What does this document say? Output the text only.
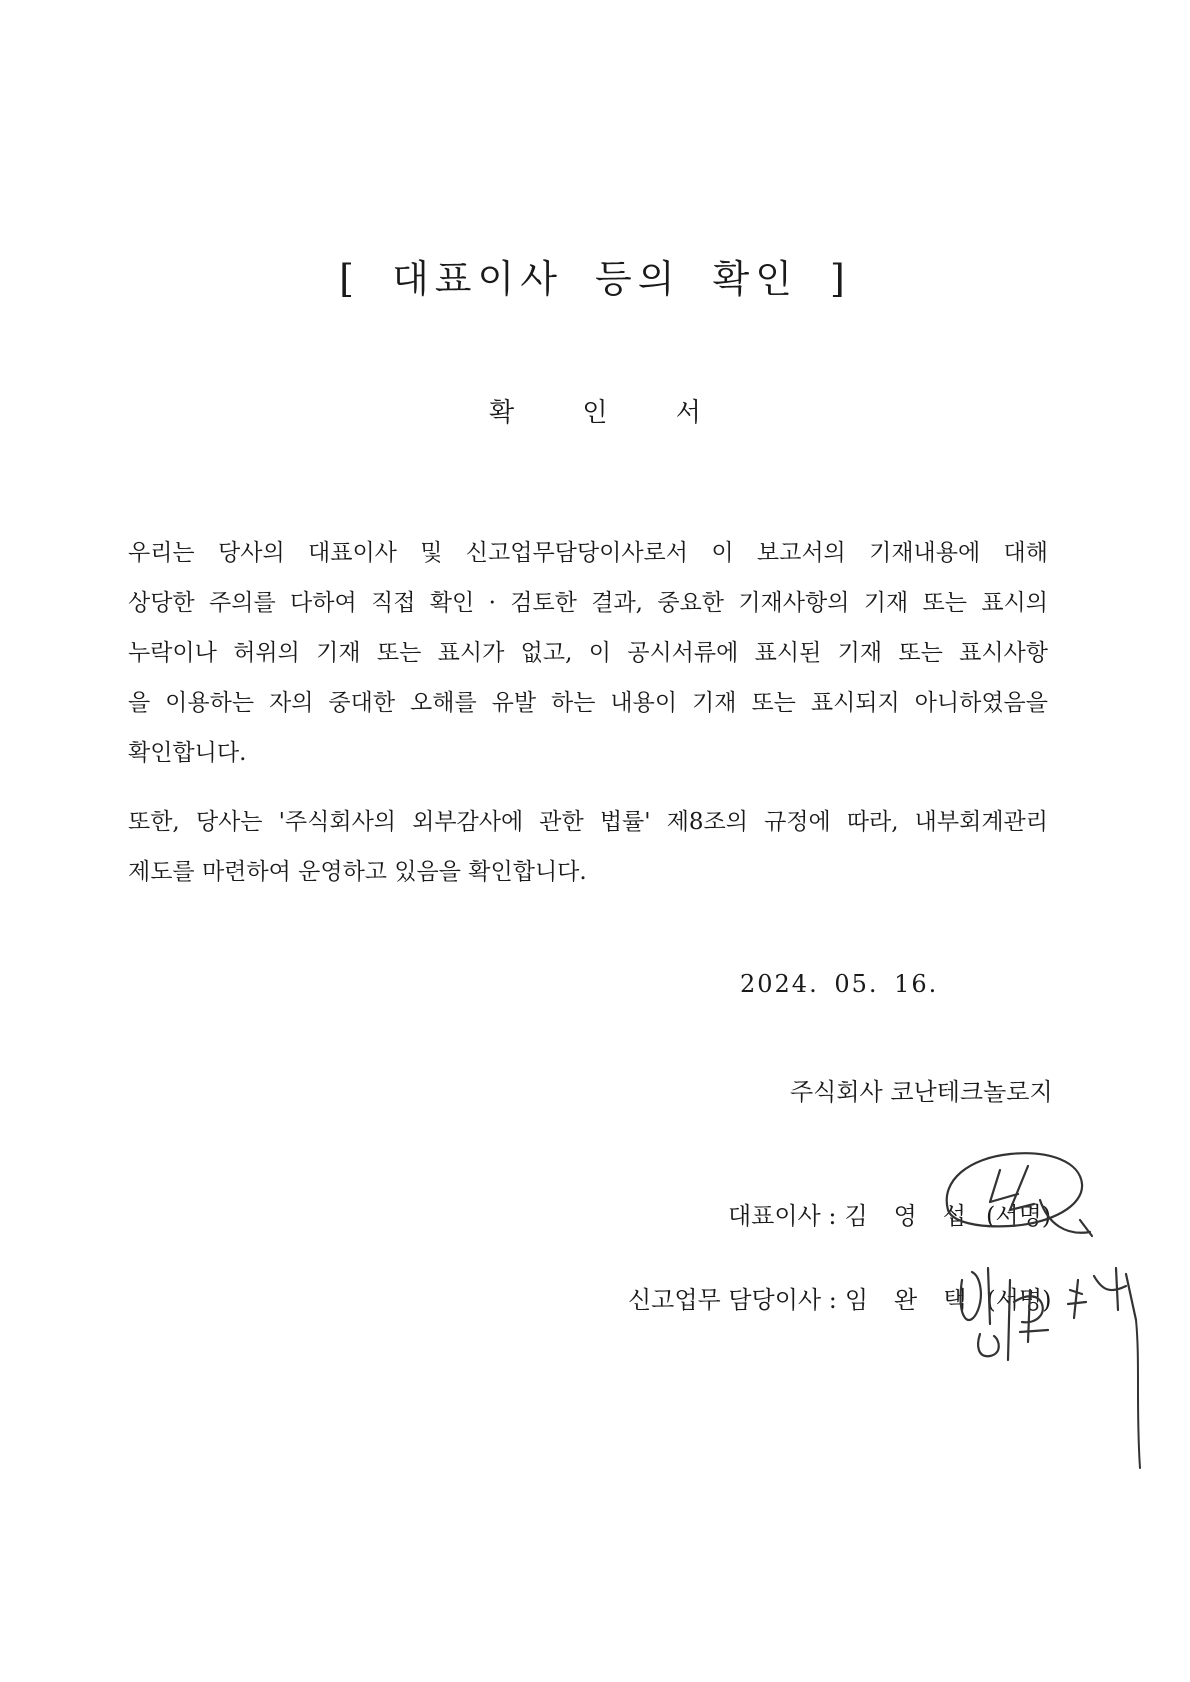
[ 대표이사 등의 확인 ]
확 인 서

우리는 당사의 대표이사 및 신고업무담당이사로서 이 보고서의 기재내용에 대해
상당한 주의를 다하여 직접 확인 · 검토한 결과, 중요한 기재사항의 기재 또는 표시의
누락이나 허위의 기재 또는 표시가 없고, 이 공시서류에 표시된 기재 또는 표시사항
을 이용하는 자의 중대한 오해를 유발 하는 내용이 기재 또는 표시되지 아니하였음을
확인합니다.

또한, 당사는 '주식회사의 외부감사에 관한 법률' 제8조의 규정에 따라, 내부회계관리
제도를 마련하여 운영하고 있음을 확인합니다.

2024. 05. 16.
주식회사 코난테크놀로지
대표이사 : 김 영 섭 (서명)
신고업무 담당이사 : 임 완 택 (서명)
